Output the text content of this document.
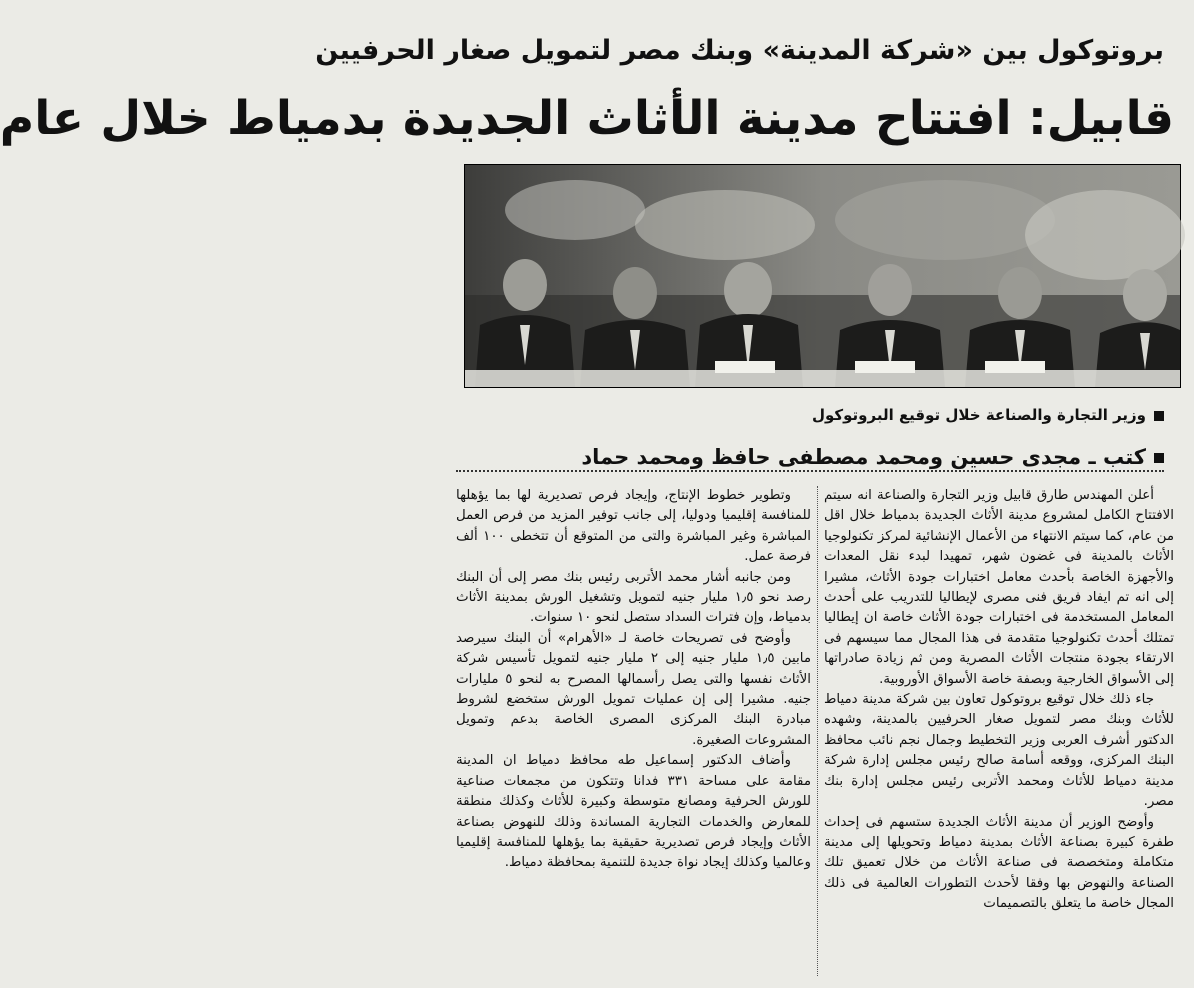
بروتوكول بين «شركة المدينة» وبنك مصر لتمويل صغار الحرفيين
قابيل: افتتاح مدينة الأثاث الجديدة بدمياط خلال عام
وزير التجارة والصناعة خلال توقيع البروتوكول
كتب ـ مجدى حسين ومحمد مصطفى حافظ ومحمد حماد

أعلن المهندس طارق قابيل وزير التجارة والصناعة انه سيتم الافتتاح الكامل لمشروع مدينة الأثاث الجديدة بدمياط خلال اقل من عام، كما سيتم الانتهاء من الأعمال الإنشائية لمركز تكنولوجيا الأثاث بالمدينة فى غضون شهر، تمهيدا لبدء نقل المعدات والأجهزة الخاصة بأحدث معامل اختبارات جودة الأثاث، مشيرا إلى انه تم ايفاد فريق فنى مصرى لإيطاليا للتدريب على أحدث المعامل المستخدمة فى اختبارات جودة الأثاث خاصة ان إيطاليا تمتلك أحدث تكنولوجيا متقدمة فى هذا المجال مما سيسهم فى الارتقاء بجودة منتجات الأثاث المصرية ومن ثم زيادة صادراتها إلى الأسواق الخارجية وبصفة خاصة الأسواق الأوروبية.

جاء ذلك خلال توقيع بروتوكول تعاون بين شركة مدينة دمياط للأثاث وبنك مصر لتمويل صغار الحرفيين بالمدينة، وشهده الدكتور أشرف العربى وزير التخطيط وجمال نجم نائب محافظ البنك المركزى، ووقعه أسامة صالح رئيس مجلس إدارة شركة مدينة دمياط للأثاث ومحمد الأتربى رئيس مجلس إدارة بنك مصر.

وأوضح الوزير أن مدينة الأثاث الجديدة ستسهم فى إحداث طفرة كبيرة بصناعة الأثاث بمدينة دمياط وتحويلها إلى مدينة متكاملة ومتخصصة فى صناعة الأثاث من خلال تعميق تلك الصناعة والنهوض بها وفقا لأحدث التطورات العالمية فى ذلك المجال خاصة ما يتعلق بالتصميمات

وتطوير خطوط الإنتاج، وإيجاد فرص تصديرية لها بما يؤهلها للمنافسة إقليميا ودوليا، إلى جانب توفير المزيد من فرص العمل المباشرة وغير المباشرة والتى من المتوقع أن تتخطى ١٠٠ ألف فرصة عمل.

ومن جانبه أشار محمد الأتربى رئيس بنك مصر إلى أن البنك رصد نحو ١٫٥ مليار جنيه لتمويل وتشغيل الورش بمدينة الأثاث بدمياط، وإن فترات السداد ستصل لنحو ١٠ سنوات.

وأوضح فى تصريحات خاصة لـ «الأهرام» أن البنك سيرصد مابين ١٫٥ مليار جنيه إلى ٢ مليار جنيه لتمويل تأسيس شركة الأثاث نفسها والتى يصل رأسمالها المصرح به لنحو ٥ مليارات جنيه. مشيرا إلى إن عمليات تمويل الورش ستخضع لشروط مبادرة البنك المركزى المصرى الخاصة بدعم وتمويل المشروعات الصغيرة.

وأضاف الدكتور إسماعيل طه محافظ دمياط ان المدينة مقامة على مساحة ٣٣١ فدانا وتتكون من مجمعات صناعية للورش الحرفية ومصانع متوسطة وكبيرة للأثاث وكذلك منطقة للمعارض والخدمات التجارية المساندة وذلك للنهوض بصناعة الأثاث وإيجاد فرص تصديرية حقيقية بما يؤهلها للمنافسة إقليميا وعالميا وكذلك إيجاد نواة جديدة للتنمية بمحافظة دمياط.
